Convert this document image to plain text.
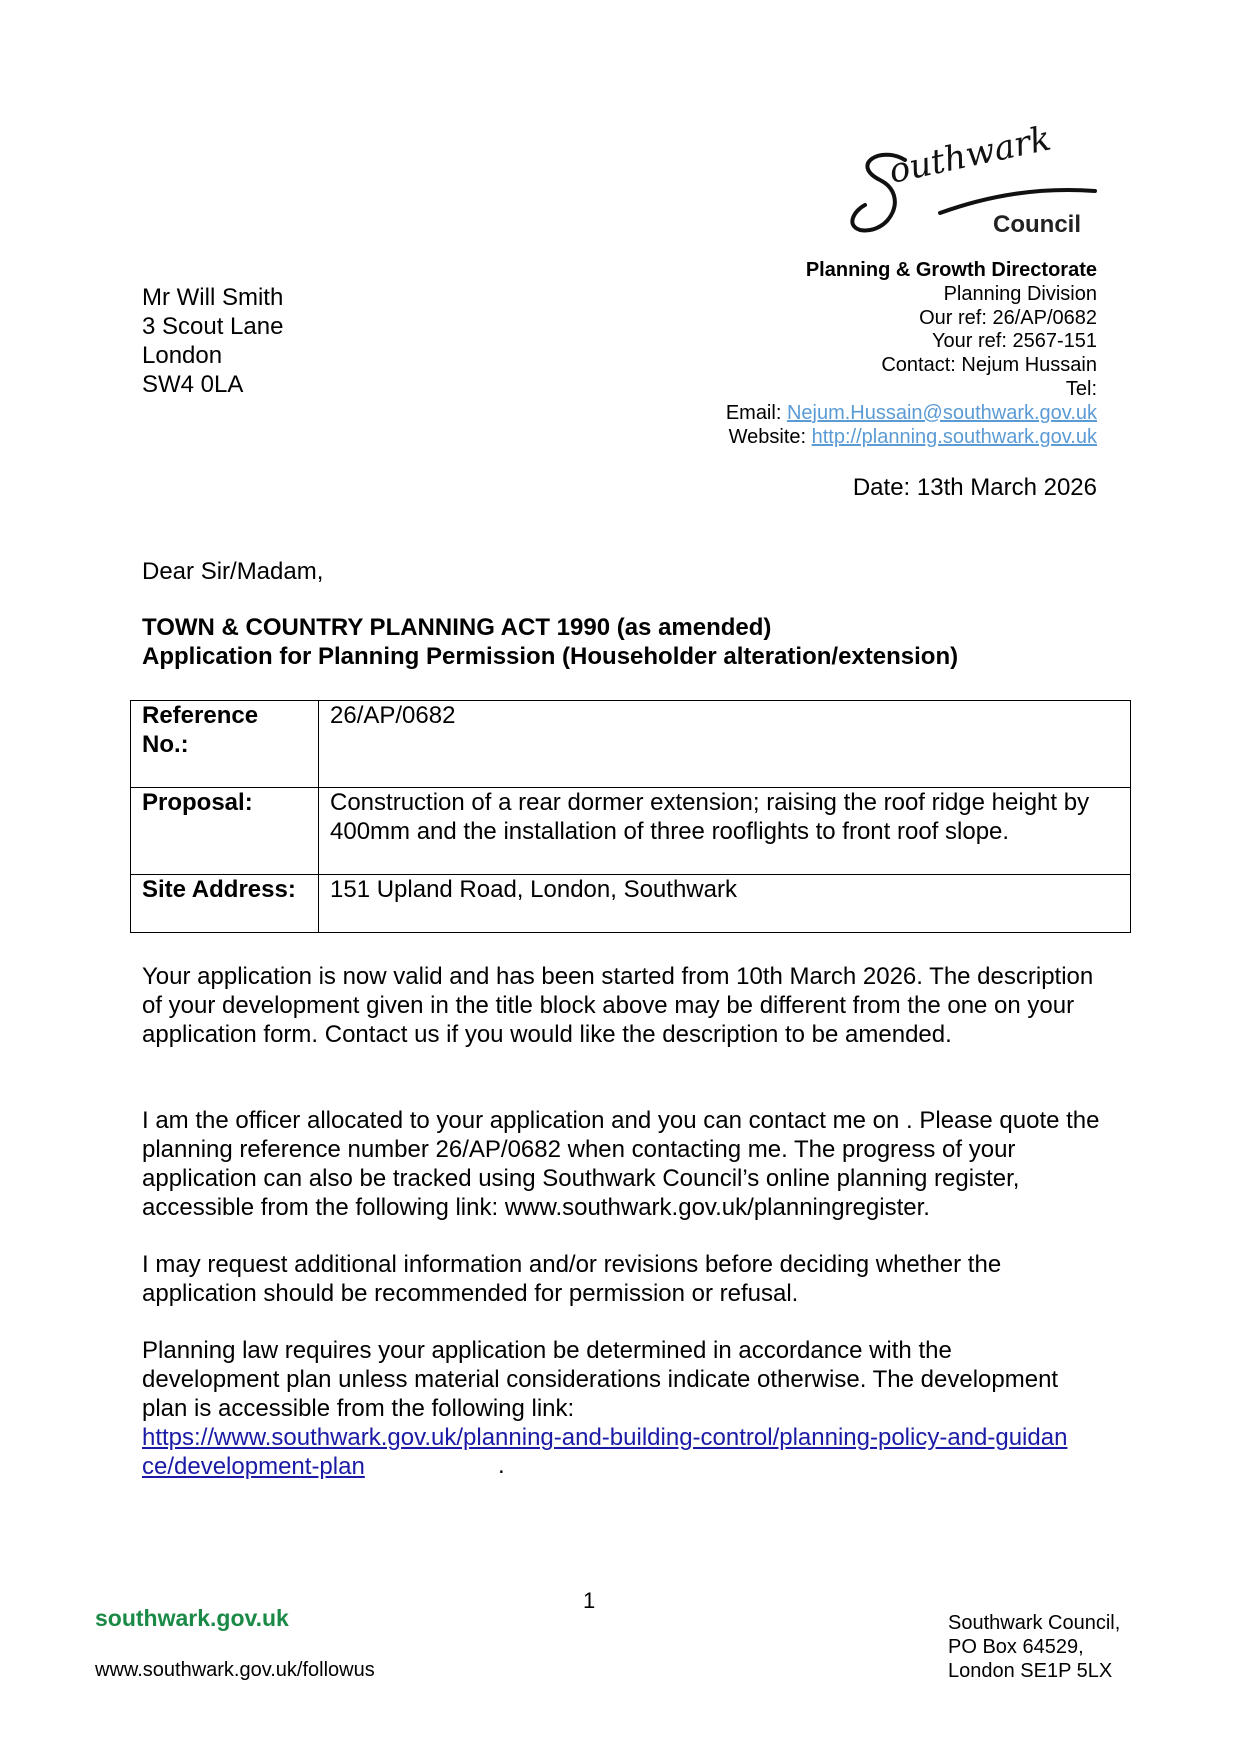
outhwark
Council
Mr Will Smith
3 Scout Lane
London
SW4 0LA
Planning & Growth Directorate
Planning Division
Our ref: 26/AP/0682
Your ref: 2567-151
Contact: Nejum Hussain
Tel:
Email: Nejum.Hussain@southwark.gov.uk
Website: http://planning.southwark.gov.uk
Date: 13th March 2026
Dear Sir/Madam,
TOWN & COUNTRY PLANNING ACT 1990 (as amended)
Application for Planning Permission (Householder alteration/extension)
Reference No.:	26/AP/0682
Proposal:	Construction of a rear dormer extension; raising the roof ridge height by 400mm and the installation of three rooflights to front roof slope.
Site Address:	151 Upland Road, London, Southwark
Your application is now valid and has been started from 10th March 2026. The description of your development given in the title block above may be different from the one on your application form. Contact us if you would like the description to be amended.
I am the officer allocated to your application and you can contact me on . Please quote the planning reference number 26/AP/0682 when contacting me. The progress of your application can also be tracked using Southwark Council’s online planning register, accessible from the following link: www.southwark.gov.uk/planningregister.
I may request additional information and/or revisions before deciding whether the application should be recommended for permission or refusal.
Planning law requires your application be determined in accordance with the development plan unless material considerations indicate otherwise. The development plan is accessible from the following link:
https://www.southwark.gov.uk/planning-and-building-control/planning-policy-and-guidance/development-plan	.
1
southwark.gov.uk
www.southwark.gov.uk/followus
Southwark Council,
PO Box 64529,
London SE1P 5LX
